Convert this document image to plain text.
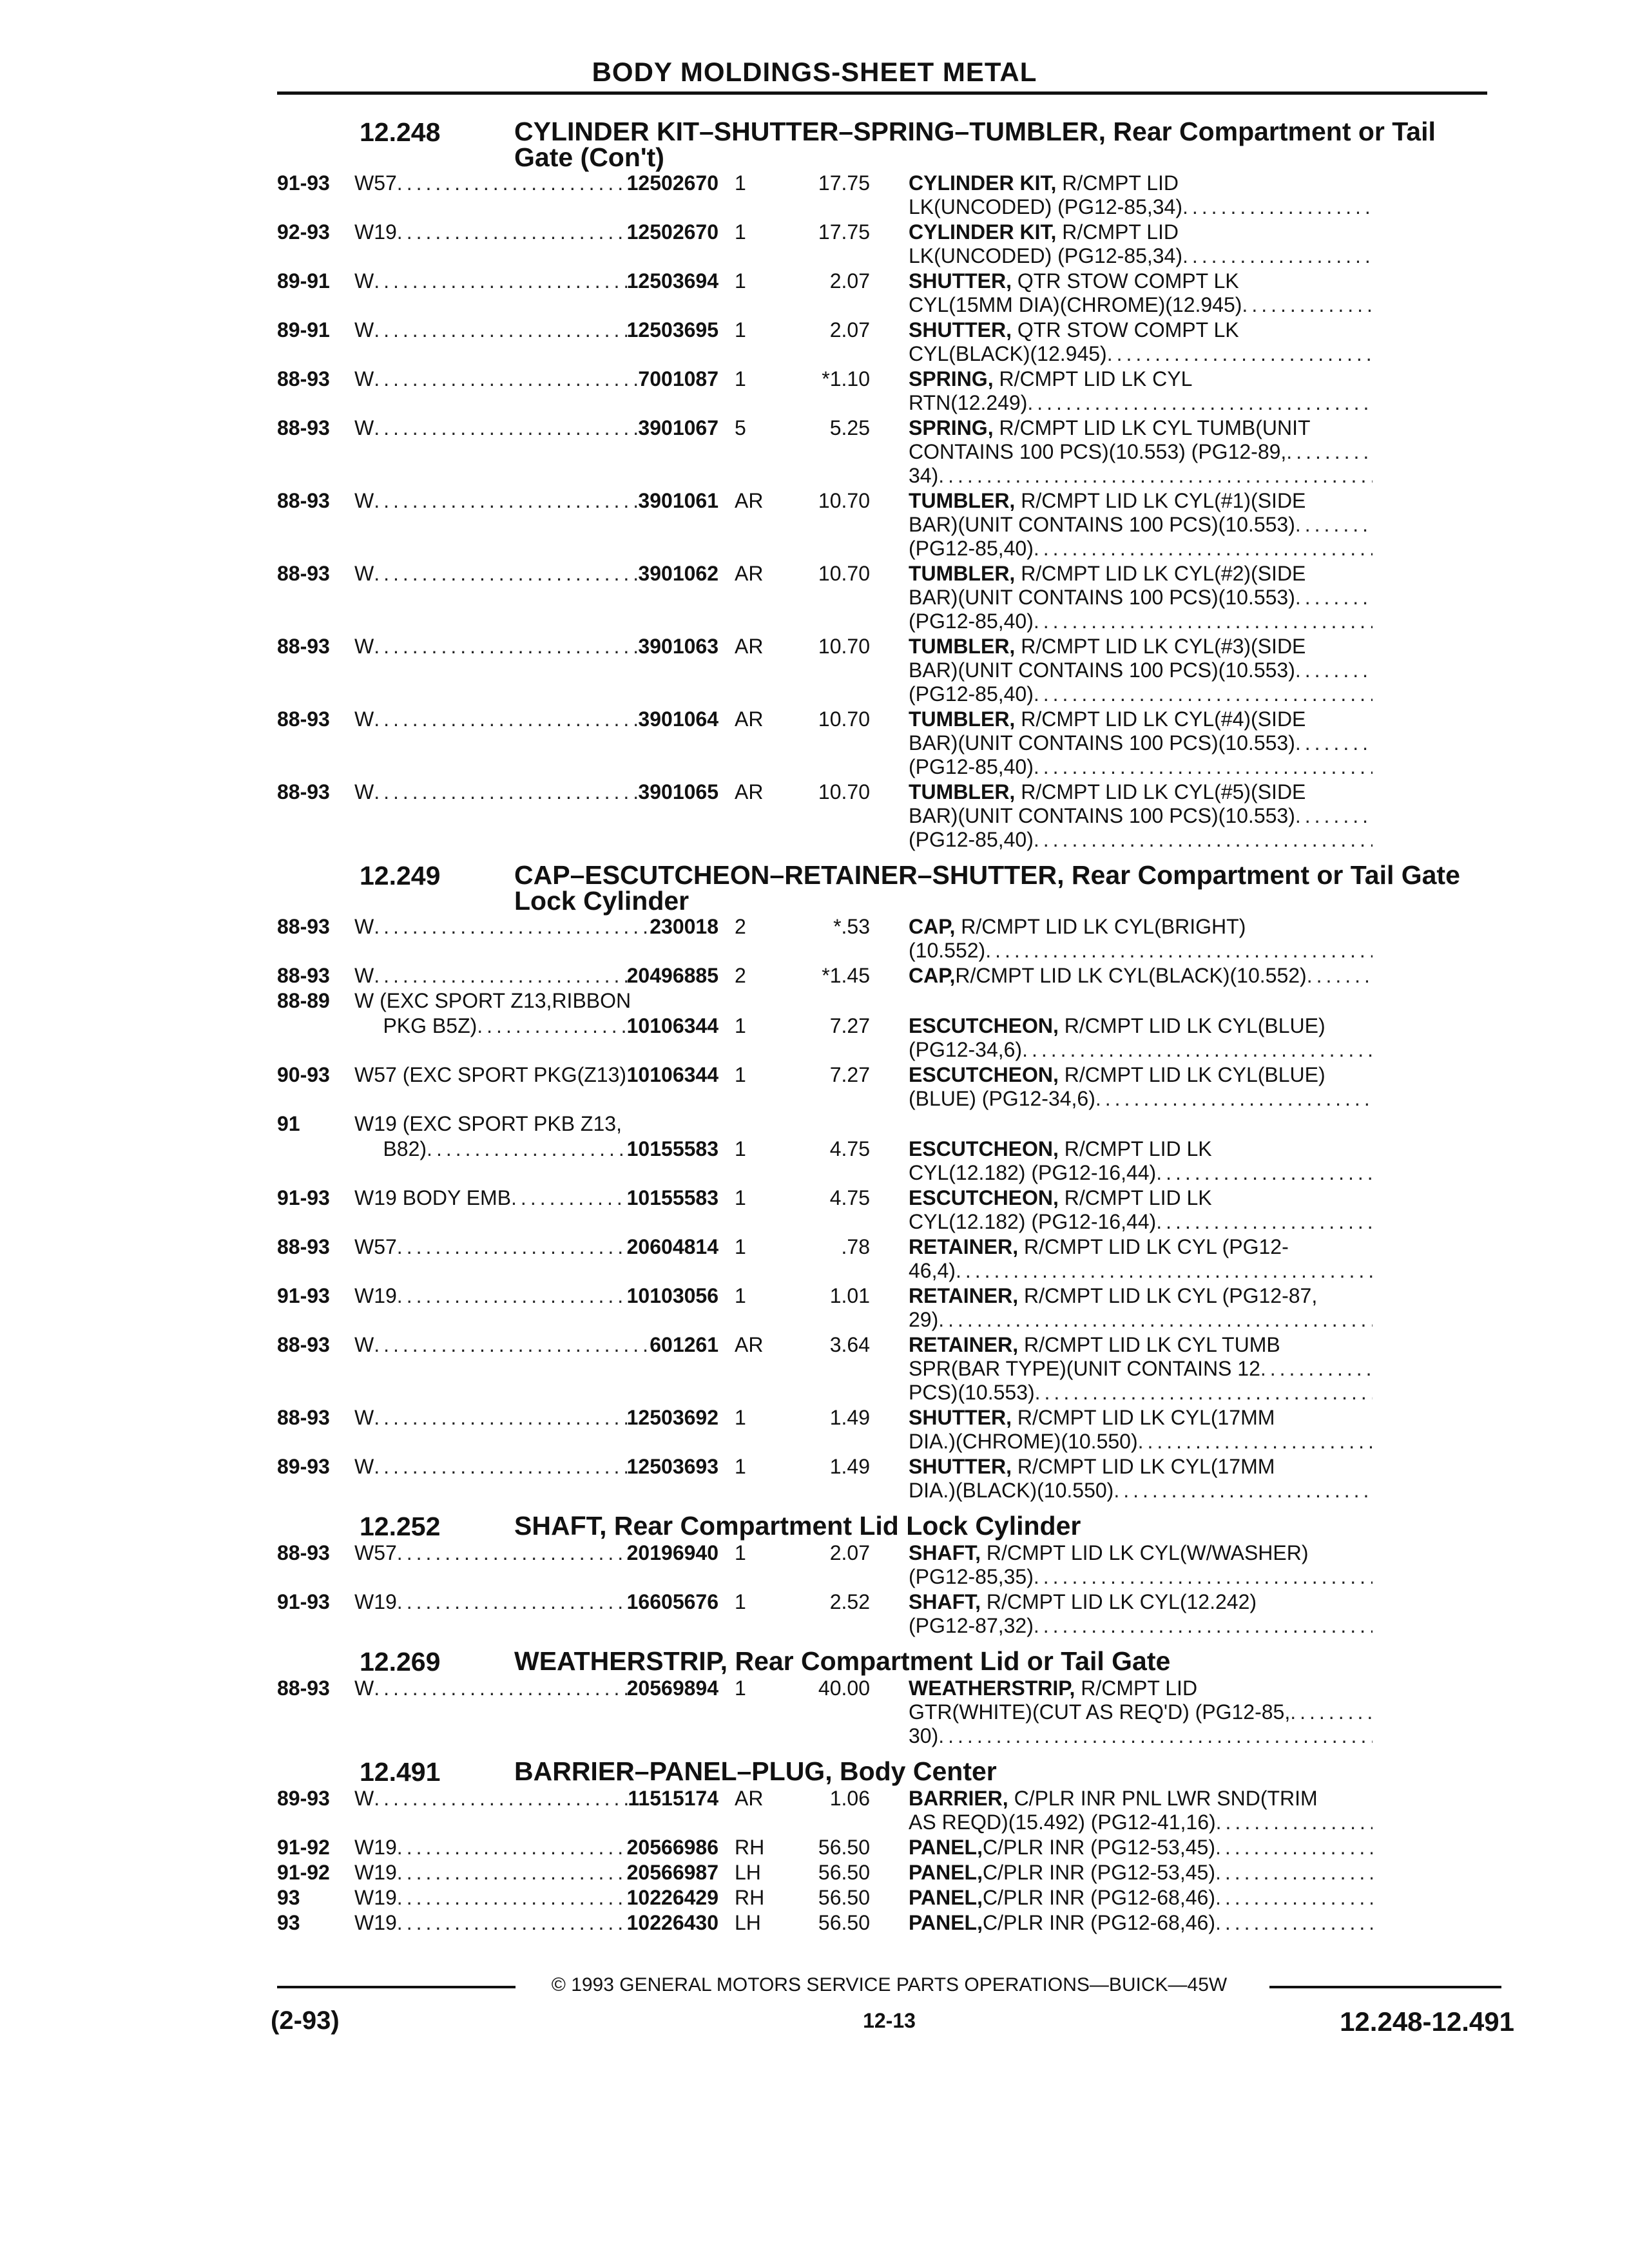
BODY MOLDINGS-SHEET METAL
12.248	CYLINDER KIT–SHUTTER–SPRING–TUMBLER, Rear Compartment or Tail Gate (Con't)
91-93	W57 .....	12502670 1	17.75	CYLINDER KIT, R/CMPT LID
LK(UNCODED) (PG12-85,34)
.....
92-93	W19 .....	12502670 1	17.75	CYLINDER KIT, R/CMPT LID
LK(UNCODED) (PG12-85,34)
.....
89-91	W .....	12503694 1	2.07	SHUTTER, QTR STOW COMPT LK
CYL(15MM DIA)(CHROME)(12.945)
.....
89-91	W .....	12503695 1	2.07	SHUTTER, QTR STOW COMPT LK
CYL(BLACK)(12.945)
.....
88-93	W .....	7001087 1	*1.10	SPRING, R/CMPT LID LK CYL
RTN(12.249)
.....
88-93	W .....	3901067 5	5.25	SPRING, R/CMPT LID LK CYL TUMB(UNIT
CONTAINS 100 PCS)(10.553) (PG12-89,
.....
34)
.....
88-93	W .....	3901061 AR	10.70	TUMBLER, R/CMPT LID LK CYL(#1)(SIDE
BAR)(UNIT CONTAINS 100 PCS)(10.553)
.....
(PG12-85,40)
.....
88-93	W .....	3901062 AR	10.70	TUMBLER, R/CMPT LID LK CYL(#2)(SIDE
BAR)(UNIT CONTAINS 100 PCS)(10.553)
.....
(PG12-85,40)
.....
88-93	W .....	3901063 AR	10.70	TUMBLER, R/CMPT LID LK CYL(#3)(SIDE
BAR)(UNIT CONTAINS 100 PCS)(10.553)
.....
(PG12-85,40)
.....
88-93	W .....	3901064 AR	10.70	TUMBLER, R/CMPT LID LK CYL(#4)(SIDE
BAR)(UNIT CONTAINS 100 PCS)(10.553)
.....
(PG12-85,40)
.....
88-93	W .....	3901065 AR	10.70	TUMBLER, R/CMPT LID LK CYL(#5)(SIDE
BAR)(UNIT CONTAINS 100 PCS)(10.553)
.....
(PG12-85,40)
.....
12.249	CAP–ESCUTCHEON–RETAINER–SHUTTER, Rear Compartment or Tail Gate Lock Cylinder
88-93	W .....	230018 2	*.53	CAP, R/CMPT LID LK CYL(BRIGHT)
(10.552)
.....
88-93	W .....	20496885 2	*1.45	CAP, R/CMPT LID LK CYL(BLACK)(10.552)
.....
88-89	W (EXC SPORT Z13,RIBBON
PKG B5Z) .....	10106344 1	7.27	ESCUTCHEON, R/CMPT LID LK CYL(BLUE)
(PG12-34,6)
.....
90-93	W57 (EXC SPORT PKG(Z13) ..... 10106344 1	7.27	ESCUTCHEON, R/CMPT LID LK CYL(BLUE)
(BLUE) (PG12-34,6)
.....
91	W19 (EXC SPORT PKB Z13,
B82) .....	10155583 1	4.75	ESCUTCHEON, R/CMPT LID LK
CYL(12.182) (PG12-16,44)
.....
91-93	W19 BODY EMB .....	10155583 1	4.75	ESCUTCHEON, R/CMPT LID LK
CYL(12.182) (PG12-16,44)
.....
88-93	W57 .....	20604814 1	.78	RETAINER, R/CMPT LID LK CYL (PG12-
46,4)
.....
91-93	W19 .....	10103056 1	1.01	RETAINER, R/CMPT LID LK CYL (PG12-87,
29)
.....
88-93	W .....	601261 AR	3.64	RETAINER, R/CMPT LID LK CYL TUMB
SPR(BAR TYPE)(UNIT CONTAINS 12
.....
PCS)(10.553)
.....
88-93	W .....	12503692 1	1.49	SHUTTER, R/CMPT LID LK CYL(17MM
DIA.)(CHROME)(10.550)
.....
89-93	W .....	12503693 1	1.49	SHUTTER, R/CMPT LID LK CYL(17MM
DIA.)(BLACK)(10.550)
.....
12.252	SHAFT, Rear Compartment Lid Lock Cylinder
88-93	W57 .....	20196940 1	2.07	SHAFT, R/CMPT LID LK CYL(W/WASHER)
(PG12-85,35)
.....
91-93	W19 .....	16605676 1	2.52	SHAFT, R/CMPT LID LK CYL(12.242)
(PG12-87,32)
.....
12.269	WEATHERSTRIP, Rear Compartment Lid or Tail Gate
88-93	W .....	20569894 1	40.00	WEATHERSTRIP, R/CMPT LID
GTR(WHITE)(CUT AS REQ'D) (PG12-85,
.....
30)
.....
12.491	BARRIER–PANEL–PLUG, Body Center
89-93	W .....	11515174 AR	1.06	BARRIER, C/PLR INR PNL LWR SND(TRIM
AS REQD)(15.492) (PG12-41,16)
.....
91-92	W19 .....	20566986 RH	56.50	PANEL, C/PLR INR (PG12-53,45)
.....
91-92	W19 .....	20566987 LH	56.50	PANEL, C/PLR INR (PG12-53,45)
.....
93	W19 .....	10226429 RH	56.50	PANEL, C/PLR INR (PG12-68,46)
.....
93	W19 .....	10226430 LH	56.50	PANEL, C/PLR INR (PG12-68,46)
.....
© 1993 GENERAL MOTORS SERVICE PARTS OPERATIONS—BUICK—45W
(2-93)	12-13	12.248-12.491
